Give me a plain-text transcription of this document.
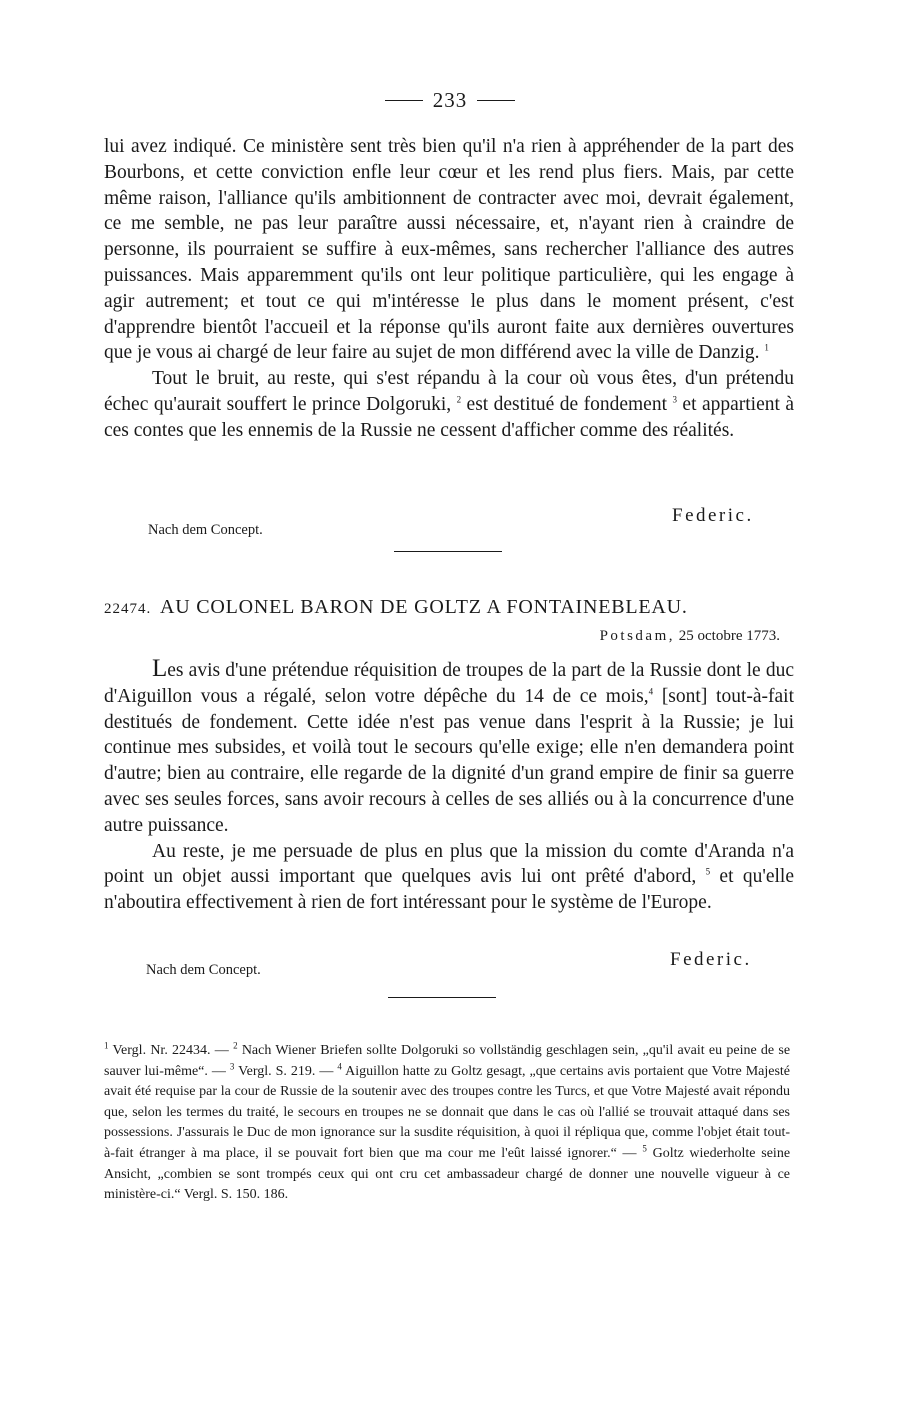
233

lui avez indiqué. Ce ministère sent très bien qu'il n'a rien à appréhender de la part des Bourbons, et cette conviction enfle leur cœur et les rend plus fiers. Mais, par cette même raison, l'alliance qu'ils ambitionnent de contracter avec moi, devrait également, ce me semble, ne pas leur paraître aussi nécessaire, et, n'ayant rien à craindre de personne, ils pourraient se suffire à eux-mêmes, sans rechercher l'alliance des autres puissances. Mais apparemment qu'ils ont leur politique particulière, qui les engage à agir autrement; et tout ce qui m'intéresse le plus dans le moment présent, c'est d'apprendre bientôt l'accueil et la réponse qu'ils auront faite aux dernières ouvertures que je vous ai chargé de leur faire au sujet de mon différend avec la ville de Danzig. $^1$

Tout le bruit, au reste, qui s'est répandu à la cour où vous êtes, d'un prétendu échec qu'aurait souffert le prince Dolgoruki, $^2$ est destitué de fondement $^3$ et appartient à ces contes que les ennemis de la Russie ne cessent d'afficher comme des réalités.

Federic.
Nach dem Concept.
22474. AU COLONEL BARON DE GOLTZ A FONTAINEBLEAU.
Potsdam, 25 octobre 1773.

Les avis d'une prétendue réquisition de troupes de la part de la Russie dont le duc d'Aiguillon vous a régalé, selon votre dépêche du 14 de ce mois,$^4$ [sont] tout-à-fait destitués de fondement. Cette idée n'est pas venue dans l'esprit à la Russie; je lui continue mes subsides, et voilà tout le secours qu'elle exige; elle n'en demandera point d'autre; bien au contraire, elle regarde de la dignité d'un grand empire de finir sa guerre avec ses seules forces, sans avoir recours à celles de ses alliés ou à la concurrence d'une autre puissance.

Au reste, je me persuade de plus en plus que la mission du comte d'Aranda n'a point un objet aussi important que quelques avis lui ont prêté d'abord, $^5$ et qu'elle n'aboutira effectivement à rien de fort intéressant pour le système de l'Europe.

Federic.
Nach dem Concept.

$^1$ Vergl. Nr. 22434. — $^2$ Nach Wiener Briefen sollte Dolgoruki so vollständig geschlagen sein, „qu'il avait eu peine de se sauver lui-même“. — $^3$ Vergl. S. 219. — $^4$ Aiguillon hatte zu Goltz gesagt, „que certains avis portaient que Votre Majesté avait été requise par la cour de Russie de la soutenir avec des troupes contre les Turcs, et que Votre Majesté avait répondu que, selon les termes du traité, le secours en troupes ne se donnait que dans le cas où l'allié se trouvait attaqué dans ses possessions. J'assurais le Duc de mon ignorance sur la susdite réquisition, à quoi il répliqua que, comme l'objet était tout-à-fait étranger à ma place, il se pouvait fort bien que ma cour me l'eût laissé ignorer.“ — $^5$ Goltz wiederholte seine Ansicht, „combien se sont trompés ceux qui ont cru cet ambassadeur chargé de donner une nouvelle vigueur à ce ministère-ci.“ Vergl. S. 150. 186.
